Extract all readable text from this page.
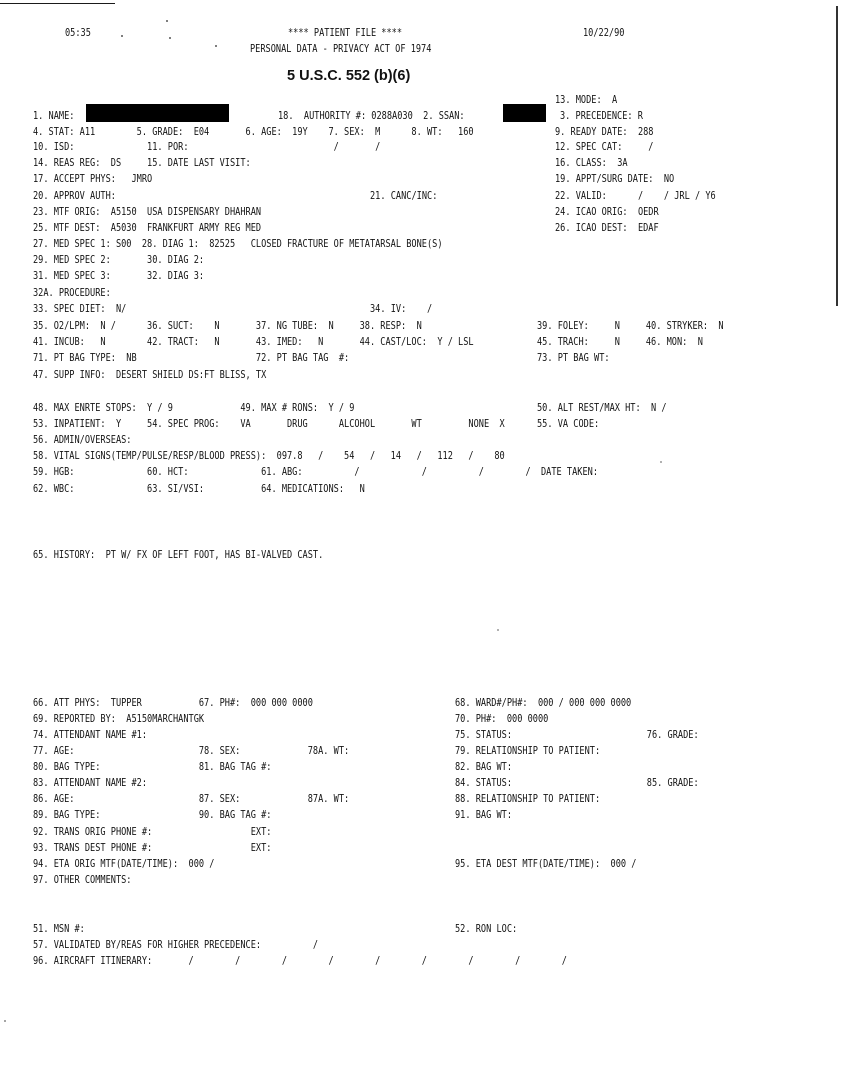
05:35	**** PATIENT FILE ****	10/22/90
PERSONAL DATA - PRIVACY ACT OF 1974
5 U.S.C. 552 (b)(6)
13. MODE:  A
1. NAME:	18.  AUTHORITY #: 0288A030  2. SSAN:	3. PRECEDENCE: R
4. STAT: A11        5. GRADE:  E04       6. AGE:  19Y    7. SEX:  M      8. WT:   160	9. READY DATE:  288
10. ISD:              11. POR:                            /       /	12. SPEC CAT:     /
14. REAS REG:  DS     15. DATE LAST VISIT:	16. CLASS:  3A
17. ACCEPT PHYS:   JMRO	19. APPT/SURG DATE:  NO
20. APPROV AUTH:	21. CANC/INC:	22. VALID:      /    / JRL / Y6
23. MTF ORIG:  A5150  USA DISPENSARY DHAHRAN	24. ICAO ORIG:  OEDR
25. MTF DEST:  A5030  FRANKFURT ARMY REG MED	26. ICAO DEST:  EDAF
27. MED SPEC 1: S00  28. DIAG 1:  82525   CLOSED FRACTURE OF METATARSAL BONE(S)
29. MED SPEC 2:       30. DIAG 2:
31. MED SPEC 3:       32. DIAG 3:
32A. PROCEDURE:
33. SPEC DIET:  N/	34. IV:    /
35. O2/LPM:  N /      36. SUCT:    N       37. NG TUBE:  N     38. RESP:  N	39. FOLEY:     N     40. STRYKER:  N
41. INCUB:   N        42. TRACT:   N       43. IMED:   N       44. CAST/LOC:  Y / LSL	45. TRACH:     N     46. MON:  N
71. PT BAG TYPE:  NB                       72. PT BAG TAG  #:	73. PT BAG WT:
47. SUPP INFO:  DESERT SHIELD DS:FT BLISS, TX
48. MAX ENRTE STOPS:  Y / 9             49. MAX # RONS:  Y / 9	50. ALT REST/MAX HT:  N /
53. INPATIENT:  Y     54. SPEC PROG:    VA       DRUG      ALCOHOL       WT         NONE  X	55. VA CODE:
56. ADMIN/OVERSEAS:
58. VITAL SIGNS(TEMP/PULSE/RESP/BLOOD PRESS):  097.8   /    54   /   14   /   112   /    80
59. HGB:              60. HCT:              61. ABG:          /            /          /        /  DATE TAKEN:
62. WBC:              63. SI/VSI:           64. MEDICATIONS:   N
65. HISTORY:  PT W/ FX OF LEFT FOOT, HAS BI-VALVED CAST.
66. ATT PHYS:  TUPPER           67. PH#:  000 000 0000	68. WARD#/PH#:  000 / 000 000 0000
69. REPORTED BY:  A5150MARCHANTGK	70. PH#:  000 0000
74. ATTENDANT NAME #1:	75. STATUS:                          76. GRADE:
77. AGE:                        78. SEX:             78A. WT:	79. RELATIONSHIP TO PATIENT:
80. BAG TYPE:                   81. BAG TAG #:	82. BAG WT:
83. ATTENDANT NAME #2:	84. STATUS:                          85. GRADE:
86. AGE:                        87. SEX:             87A. WT:	88. RELATIONSHIP TO PATIENT:
89. BAG TYPE:                   90. BAG TAG #:	91. BAG WT:
92. TRANS ORIG PHONE #:                   EXT:
93. TRANS DEST PHONE #:                   EXT:
94. ETA ORIG MTF(DATE/TIME):  000 /	95. ETA DEST MTF(DATE/TIME):  000 /
97. OTHER COMMENTS:
51. MSN #:	52. RON LOC:
57. VALIDATED BY/REAS FOR HIGHER PRECEDENCE:          /
96. AIRCRAFT ITINERARY:       /        /        /        /        /        /        /        /        /
